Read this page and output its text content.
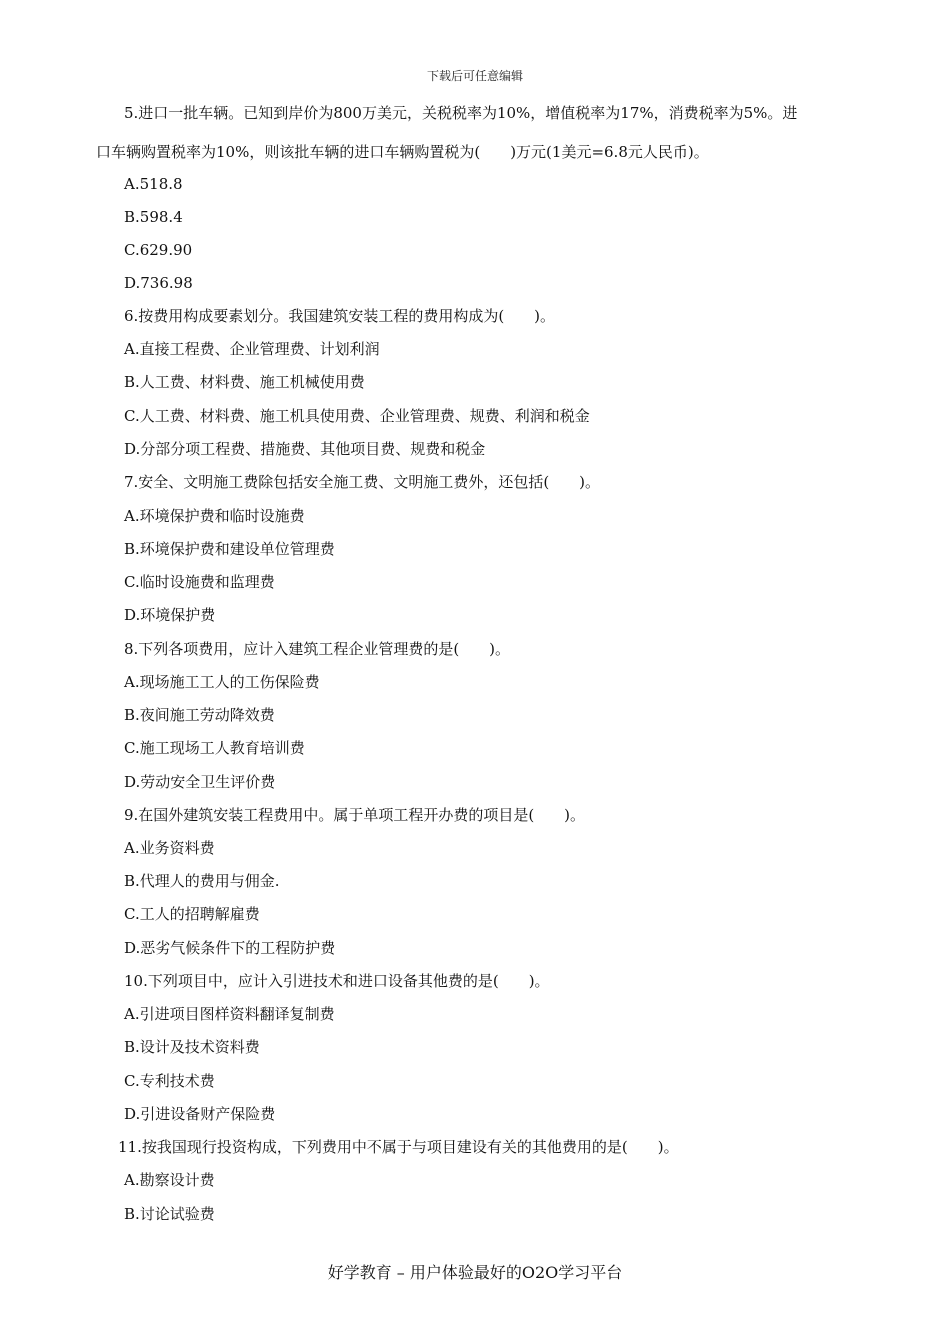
下载后可任意编辑
5.进口一批车辆。已知到岸价为800万美元，关税税率为10%，增值税率为17%，消费税率为5%。进
口车辆购置税率为10%，则该批车辆的进口车辆购置税为(　　)万元(1美元=6.8元人民币)。
A.518.8
B.598.4
C.629.90
D.736.98
6.按费用构成要素划分。我国建筑安装工程的费用构成为(　　)。
A.直接工程费、企业管理费、计划利润
B.人工费、材料费、施工机械使用费
C.人工费、材料费、施工机具使用费、企业管理费、规费、利润和税金
D.分部分项工程费、措施费、其他项目费、规费和税金
7.安全、文明施工费除包括安全施工费、文明施工费外，还包括(　　)。
A.环境保护费和临时设施费
B.环境保护费和建设单位管理费
C.临时设施费和监理费
D.环境保护费
8.下列各项费用，应计入建筑工程企业管理费的是(　　)。
A.现场施工工人的工伤保险费
B.夜间施工劳动降效费
C.施工现场工人教育培训费
D.劳动安全卫生评价费
9.在国外建筑安装工程费用中。属于单项工程开办费的项目是(　　)。
A.业务资料费
B.代理人的费用与佣金.
C.工人的招聘解雇费
D.恶劣气候条件下的工程防护费
10.下列项目中，应计入引进技术和进口设备其他费的是(　　)。
A.引进项目图样资料翻译复制费
B.设计及技术资料费
C.专利技术费
D.引进设备财产保险费
11.按我国现行投资构成，下列费用中不属于与项目建设有关的其他费用的是(　　)。
A.勘察设计费
B.讨论试验费
好学教育 – 用户体验最好的O2O学习平台
